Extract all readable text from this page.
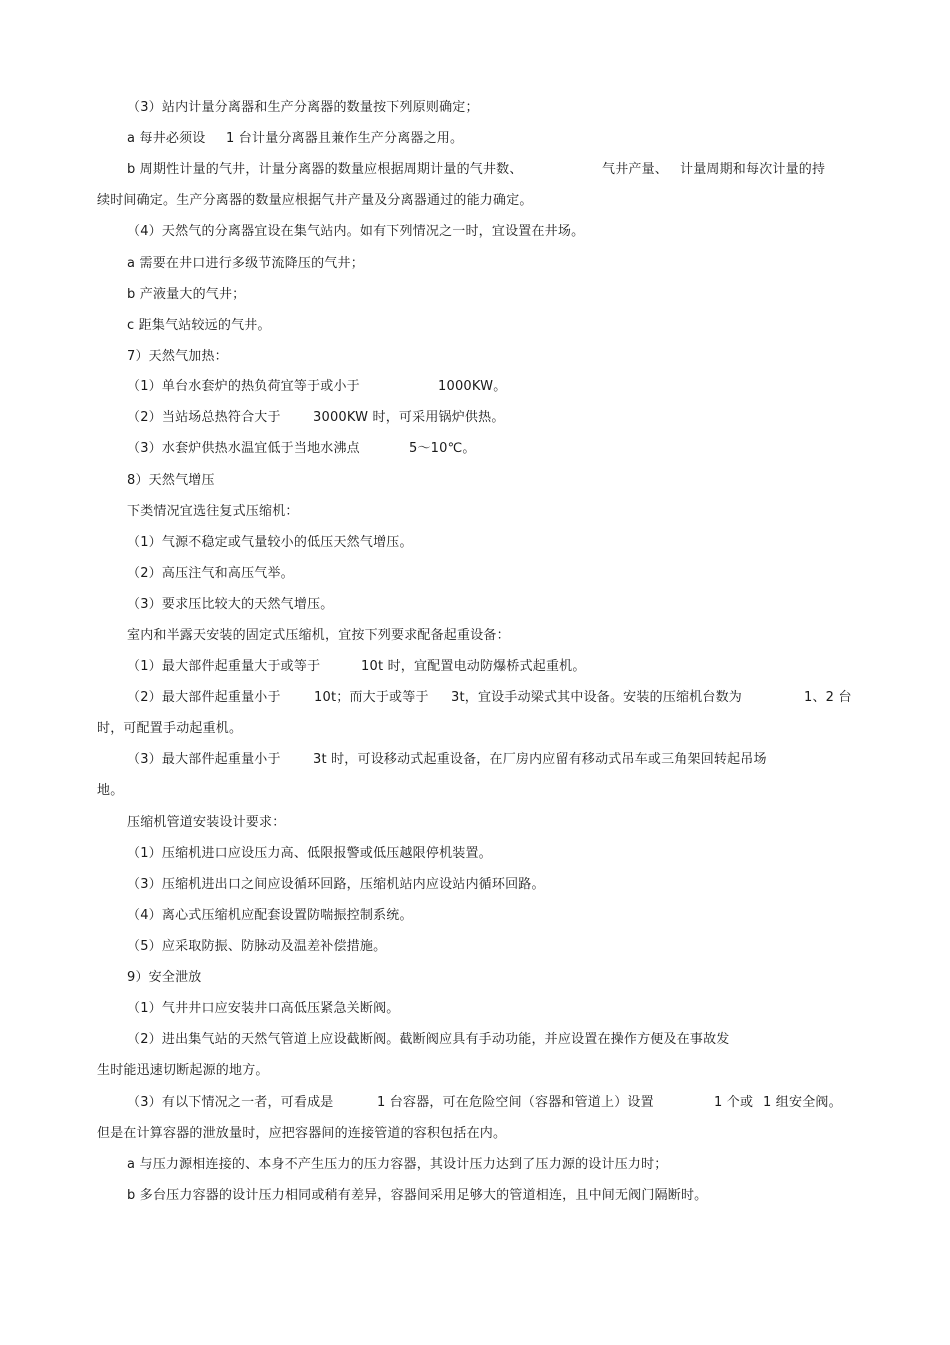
（3）站内计量分离器和生产分离器的数量按下列原则确定；
a 每井必须设 1 台计量分离器且兼作生产分离器之用。
b 周期性计量的气井，计量分离器的数量应根据周期计量的气井数、	气井产量、 计量周期和每次计量的持
续时间确定。生产分离器的数量应根据气井产量及分离器通过的能力确定。
（4）天然气的分离器宜设在集气站内。如有下列情况之一时，宜设置在井场。
a 需要在井口进行多级节流降压的气井；
b 产液量大的气井；
c 距集气站较远的气井。
7）天然气加热：
（1）单台水套炉的热负荷宜等于或小于	1000KW。
（2）当站场总热符合大于 3000KW 时，可采用锅炉供热。
（3）水套炉供热水温宜低于当地水沸点	5～10℃。
8）天然气增压
下类情况宜选往复式压缩机：
（1）气源不稳定或气量较小的低压天然气增压。
（2）高压注气和高压气举。
（3）要求压比较大的天然气增压。
室内和半露天安装的固定式压缩机，宜按下列要求配备起重设备：
（1）最大部件起重量大于或等于	10t 时，宜配置电动防爆桥式起重机。
（2）最大部件起重量小于	10t；而大于或等于 3t，宜设手动梁式其中设备。安装的压缩机台数为	1、2 台
时，可配置手动起重机。
（3）最大部件起重量小于 3t 时，可设移动式起重设备，在厂房内应留有移动式吊车或三角架回转起吊场
地。
压缩机管道安装设计要求：
（1）压缩机进口应设压力高、低限报警或低压越限停机装置。
（3）压缩机进出口之间应设循环回路，压缩机站内应设站内循环回路。
（4）离心式压缩机应配套设置防喘振控制系统。
（5）应采取防振、防脉动及温差补偿措施。
9）安全泄放
（1）气井井口应安装井口高低压紧急关断阀。
（2）进出集气站的天然气管道上应设截断阀。截断阀应具有手动功能，并应设置在操作方便及在事故发
生时能迅速切断起源的地方。
（3）有以下情况之一者，可看成是	1 台容器，可在危险空间（容器和管道上）设置	1 个或 1 组安全阀。
但是在计算容器的泄放量时，应把容器间的连接管道的容积包括在内。
a 与压力源相连接的、本身不产生压力的压力容器，其设计压力达到了压力源的设计压力时；
b 多台压力容器的设计压力相同或稍有差异，容器间采用足够大的管道相连，且中间无阀门隔断时。
